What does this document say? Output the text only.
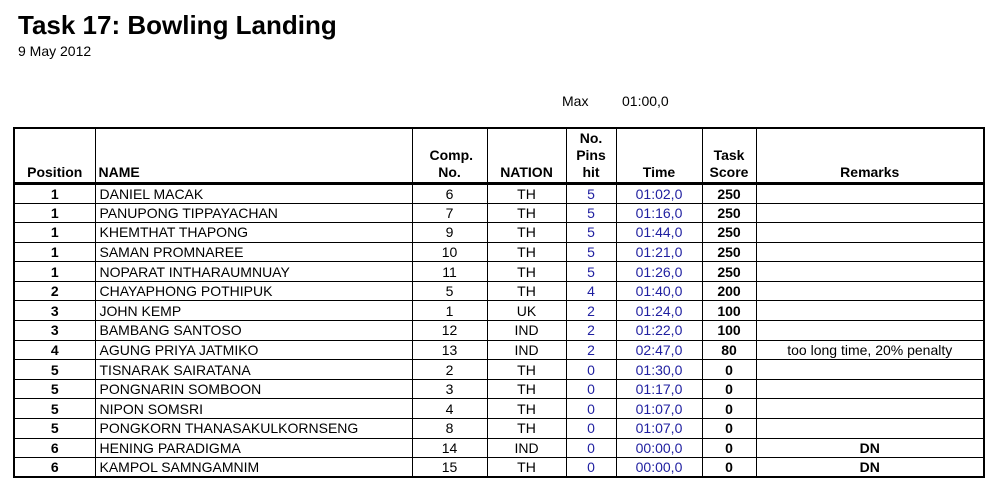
Task 17: Bowling Landing
9 May 2012
Max 01:00,0
Position	NAME	Comp. No.	NATION	No. Pins hit	Time	Task Score	Remarks
1	DANIEL MACAK	6	TH	5	01:02,0	250	
1	PANUPONG TIPPAYACHAN	7	TH	5	01:16,0	250	
1	KHEMTHAT THAPONG	9	TH	5	01:44,0	250	
1	SAMAN PROMNAREE	10	TH	5	01:21,0	250	
1	NOPARAT INTHARAUMNUAY	11	TH	5	01:26,0	250	
2	CHAYAPHONG POTHIPUK	5	TH	4	01:40,0	200	
3	JOHN KEMP	1	UK	2	01:24,0	100	
3	BAMBANG SANTOSO	12	IND	2	01:22,0	100	
4	AGUNG PRIYA JATMIKO	13	IND	2	02:47,0	80	too long time, 20% penalty
5	TISNARAK SAIRATANA	2	TH	0	01:30,0	0	
5	PONGNARIN SOMBOON	3	TH	0	01:17,0	0	
5	NIPON SOMSRI	4	TH	0	01:07,0	0	
5	PONGKORN THANASAKULKORNSENG	8	TH	0	01:07,0	0	
6	HENING PARADIGMA	14	IND	0	00:00,0	0	DN
6	KAMPOL SAMNGAMNIM	15	TH	0	00:00,0	0	DN
